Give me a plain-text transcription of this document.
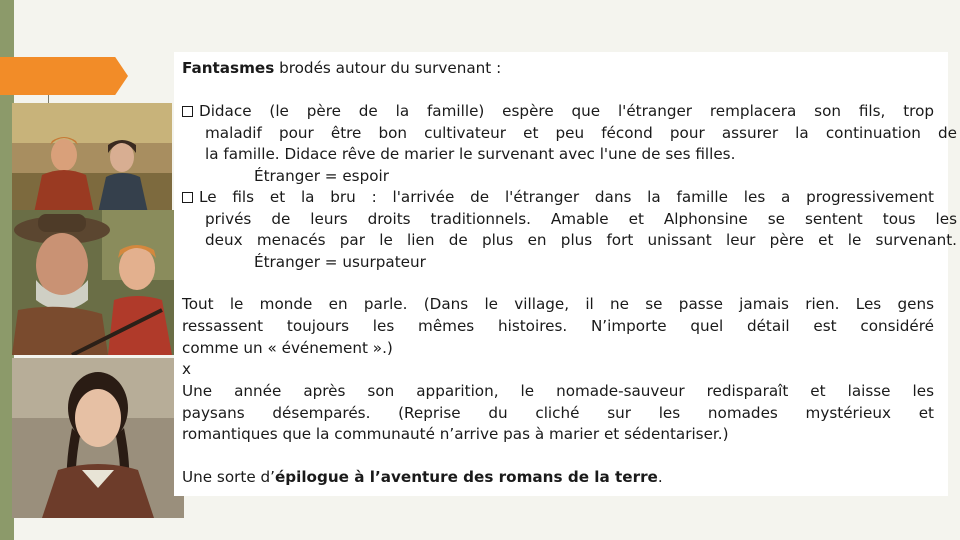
Fantasmes brodés autour du survenant :
Didace (le père de la famille) espère que l'étranger remplacera son fils, trop
maladif pour être bon cultivateur et peu fécond pour assurer la continuation de
la famille. Didace rêve de marier le survenant avec l'une de ses filles.
Étranger = espoir
Le fils et la bru : l'arrivée de l'étranger dans la famille les a progressivement
privés de leurs droits traditionnels. Amable et Alphonsine se sentent tous les
deux menacés par le lien de plus en plus fort unissant leur père et le survenant.
Étranger = usurpateur
Tout le monde en parle. (Dans le village, il ne se passe jamais rien. Les gens
ressassent toujours les mêmes histoires. N’importe quel détail est considéré
comme un « événement ».)
x
Une année après son apparition, le nomade-sauveur redisparaît et laisse les
paysans désemparés. (Reprise du cliché sur les nomades mystérieux et
romantiques que la communauté n’arrive pas à marier et sédentariser.)
Une sorte d’épilogue à l’aventure des romans de la terre.
